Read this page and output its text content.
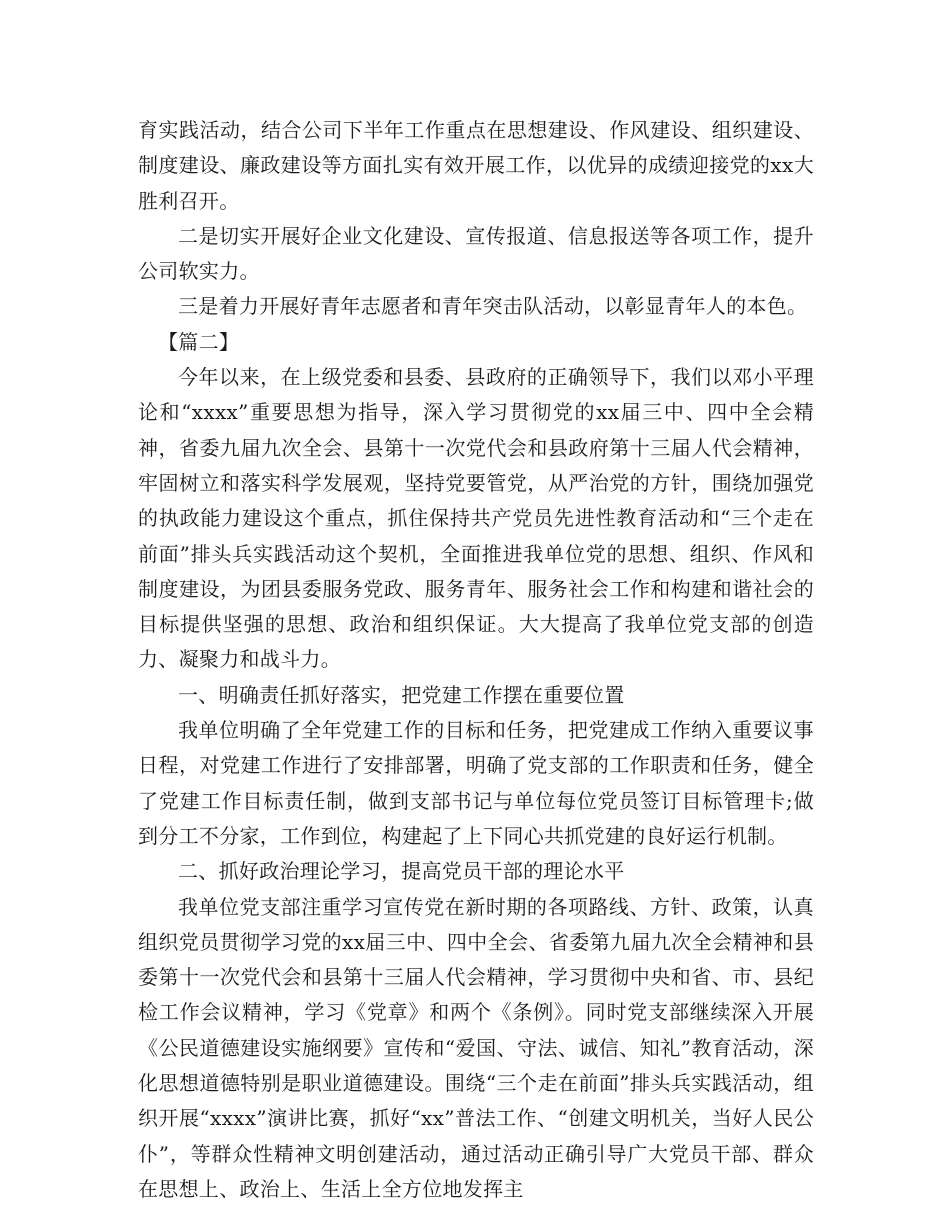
育实践活动，结合公司下半年工作重点在思想建设、作风建设、组织建设、制度建设、廉政建设等方面扎实有效开展工作，以优异的成绩迎接党的xx大胜利召开。

二是切实开展好企业文化建设、宣传报道、信息报送等各项工作，提升公司软实力。

三是着力开展好青年志愿者和青年突击队活动，以彰显青年人的本色。

【篇二】

今年以来，在上级党委和县委、县政府的正确领导下，我们以邓小平理论和“xxxx”重要思想为指导，深入学习贯彻党的xx届三中、四中全会精神，省委九届九次全会、县第十一次党代会和县政府第十三届人代会精神，牢固树立和落实科学发展观，坚持党要管党，从严治党的方针，围绕加强党的执政能力建设这个重点，抓住保持共产党员先进性教育活动和“三个走在前面”排头兵实践活动这个契机，全面推进我单位党的思想、组织、作风和制度建设，为团县委服务党政、服务青年、服务社会工作和构建和谐社会的目标提供坚强的思想、政治和组织保证。大大提高了我单位党支部的创造力、凝聚力和战斗力。

一、明确责任抓好落实，把党建工作摆在重要位置

我单位明确了全年党建工作的目标和任务，把党建成工作纳入重要议事日程，对党建工作进行了安排部署，明确了党支部的工作职责和任务，健全了党建工作目标责任制，做到支部书记与单位每位党员签订目标管理卡;做到分工不分家，工作到位，构建起了上下同心共抓党建的良好运行机制。

二、抓好政治理论学习，提高党员干部的理论水平

我单位党支部注重学习宣传党在新时期的各项路线、方针、政策，认真组织党员贯彻学习党的xx届三中、四中全会、省委第九届九次全会精神和县委第十一次党代会和县第十三届人代会精神，学习贯彻中央和省、市、县纪检工作会议精神，学习《党章》和两个《条例》。同时党支部继续深入开展《公民道德建设实施纲要》宣传和“爱国、守法、诚信、知礼”教育活动，深化思想道德特别是职业道德建设。围绕“三个走在前面”排头兵实践活动，组织开展“xxxx”演讲比赛，抓好“xx”普法工作、“创建文明机关，当好人民公仆”，等群众性精神文明创建活动，通过活动正确引导广大党员干部、群众在思想上、政治上、生活上全方位地发挥主
